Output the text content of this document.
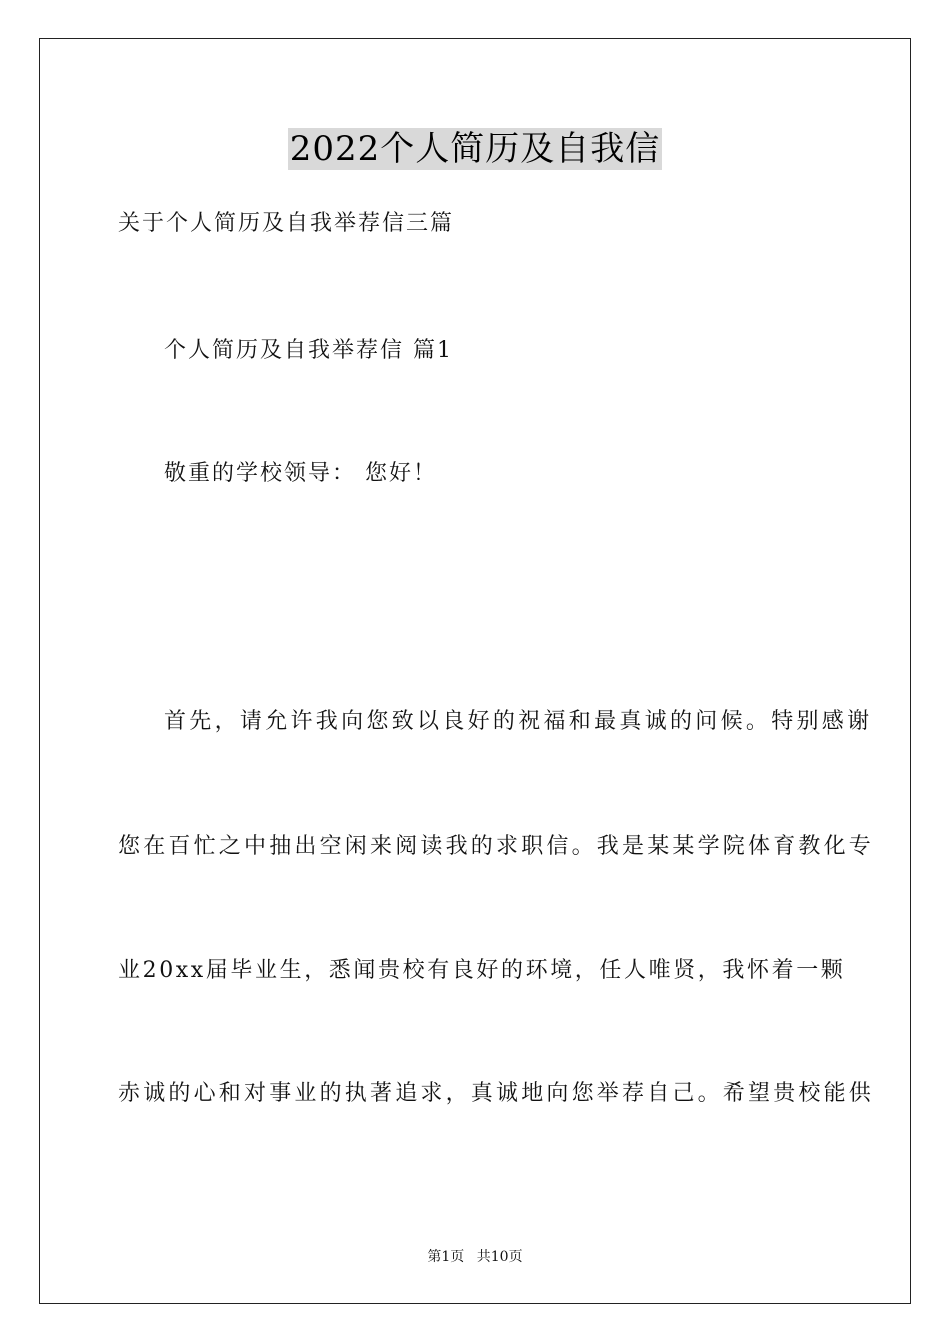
2022个人简历及自我信
关于个人简历及自我举荐信三篇
个人简历及自我举荐信 篇1
敬重的学校领导： 您好！
首先，请允许我向您致以良好的祝福和最真诚的问候。特别感谢
您在百忙之中抽出空闲来阅读我的求职信。我是某某学院体育教化专
业20xx届毕业生，悉闻贵校有良好的环境，任人唯贤，我怀着一颗
赤诚的心和对事业的执著追求，真诚地向您举荐自己。希望贵校能供
第1页 共10页
